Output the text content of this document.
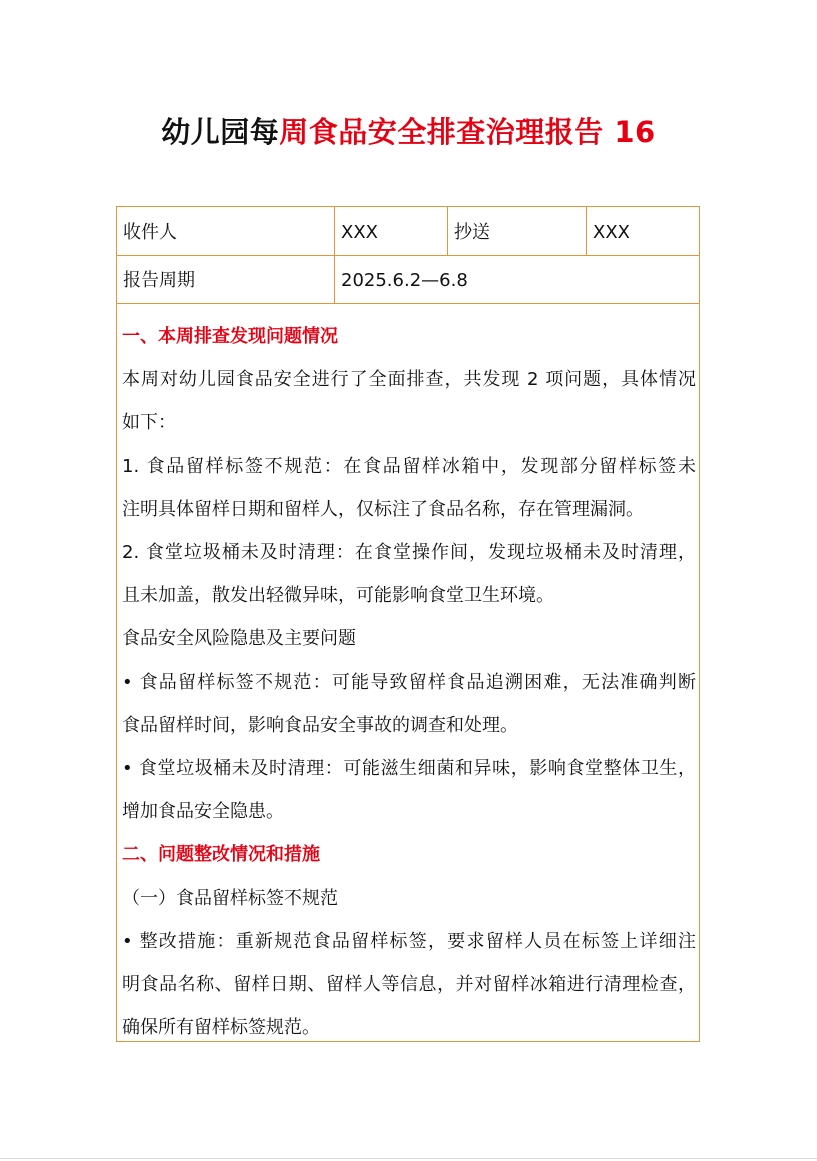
幼儿园每周食品安全排查治理报告 16
收件人	XXX	抄送	XXX
报告周期	2025.6.2—6.8

一、本周排查发现问题情况

本周对幼儿园食品安全进行了全面排查，共发现 2 项问题，具体情况

如下：

1. 食品留样标签不规范：在食品留样冰箱中，发现部分留样标签未

注明具体留样日期和留样人，仅标注了食品名称，存在管理漏洞。

2. 食堂垃圾桶未及时清理：在食堂操作间，发现垃圾桶未及时清理，

且未加盖，散发出轻微异味，可能影响食堂卫生环境。

食品安全风险隐患及主要问题

• 食品留样标签不规范：可能导致留样食品追溯困难，无法准确判断

食品留样时间，影响食品安全事故的调查和处理。

• 食堂垃圾桶未及时清理：可能滋生细菌和异味，影响食堂整体卫生，

增加食品安全隐患。

二、问题整改情况和措施

（一）食品留样标签不规范

• 整改措施：重新规范食品留样标签，要求留样人员在标签上详细注

明食品名称、留样日期、留样人等信息，并对留样冰箱进行清理检查，

确保所有留样标签规范。
